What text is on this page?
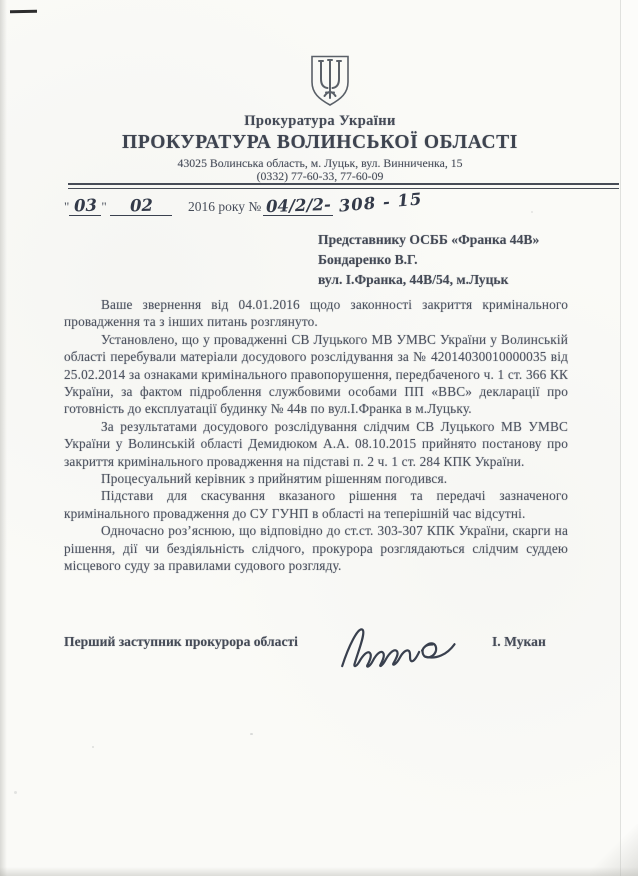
Прокуратура України
ПРОКУРАТУРА ВОЛИНСЬКОЇ ОБЛАСТІ
43025 Волинська область, м. Луцьк, вул. Винниченка, 15
(0332) 77-60-33, 77-60-09
" 03 " 02	2016 року № 04/2/2- 308 - 15
Представнику ОСББ «Франка 44В»
Бондаренко В.Г.
вул. І.Франка, 44В/54, м.Луцьк

Ваше звернення від 04.01.2016 щодо законності закриття кримінального провадження та з інших питань розглянуто.

Установлено, що у провадженні СВ Луцького МВ УМВС України у Волинській області перебували матеріали досудового розслідування за № 42014030010000035 від 25.02.2014 за ознаками кримінального правопорушення, передбаченого ч. 1 ст. 366 КК України, за фактом підроблення службовими особами ПП «ВВС» декларації про готовність до експлуатації будинку № 44в по вул.І.Франка в м.Луцьку.

За результатами досудового розслідування слідчим СВ Луцького МВ УМВС України у Волинській області Демидюком А.А. 08.10.2015 прийнято постанову про закриття кримінального провадження на підставі п. 2 ч. 1 ст. 284 КПК України.

Процесуальний керівник з прийнятим рішенням погодився.

Підстави для скасування вказаного рішення та передачі зазначеного кримінального провадження до СУ ГУНП в області на теперішній час відсутні.

Одночасно роз’яснюю, що відповідно до ст.ст. 303-307 КПК України, скарги на рішення, дії чи бездіяльність слідчого, прокурора розглядаються слідчим суддею місцевого суду за правилами судового розгляду.

Перший заступник прокурора області	І. Мукан
